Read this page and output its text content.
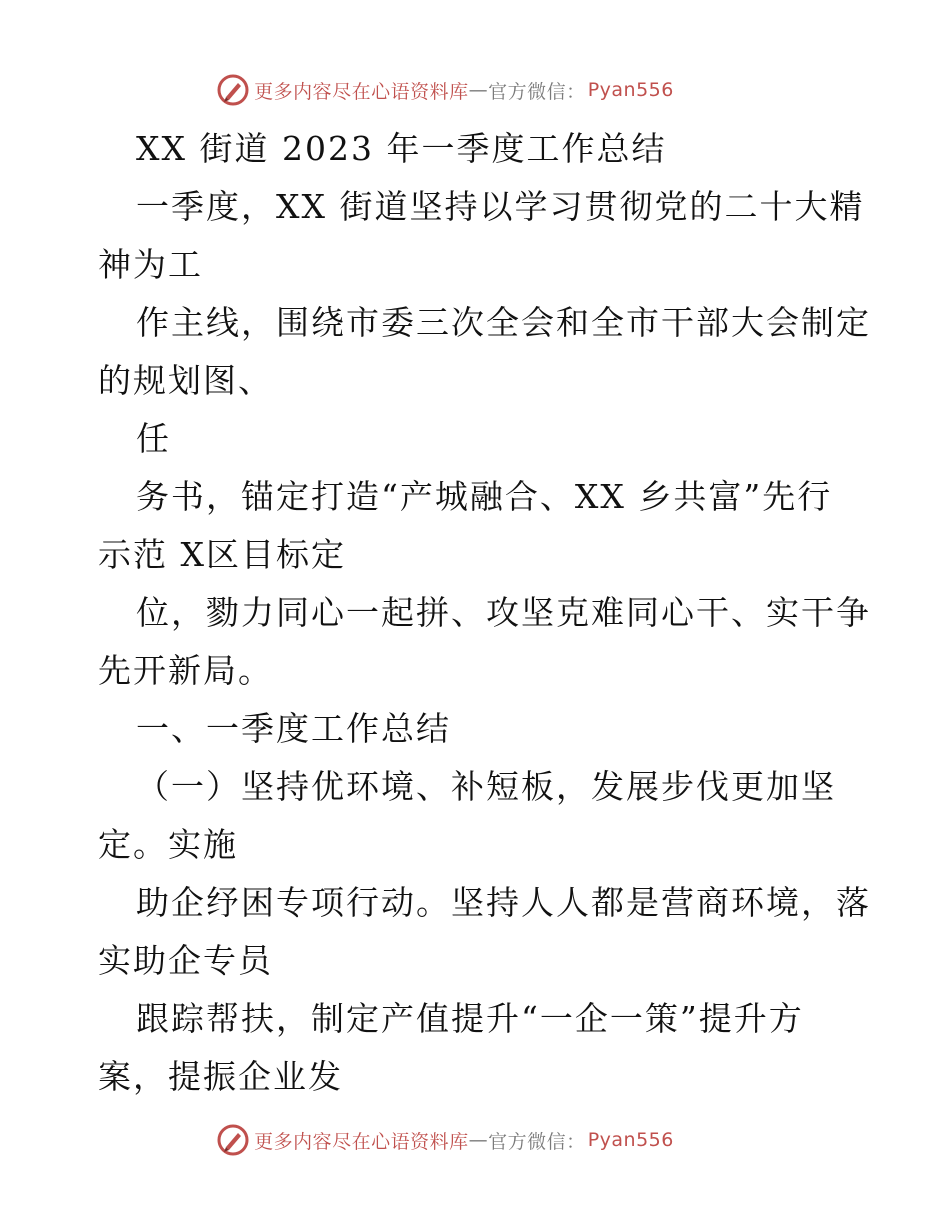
更多内容尽在心语资料库 — 官方微信： Pyan556
XX 街道 2023 年一季度工作总结
一季度，XX 街道坚持以学习贯彻党的二十大精
神为工
作主线，围绕市委三次全会和全市干部大会制定
的规划图、
任
务书，锚定打造“产城融合、XX 乡共富”先行
示范 X区目标定
位，勠力同心一起拼、攻坚克难同心干、实干争
先开新局。
一、一季度工作总结
（一）坚持优环境、补短板，发展步伐更加坚
定。实施
助企纾困专项行动。坚持人人都是营商环境，落
实助企专员
跟踪帮扶，制定产值提升“一企一策”提升方
案，提振企业发
更多内容尽在心语资料库 — 官方微信： Pyan556
